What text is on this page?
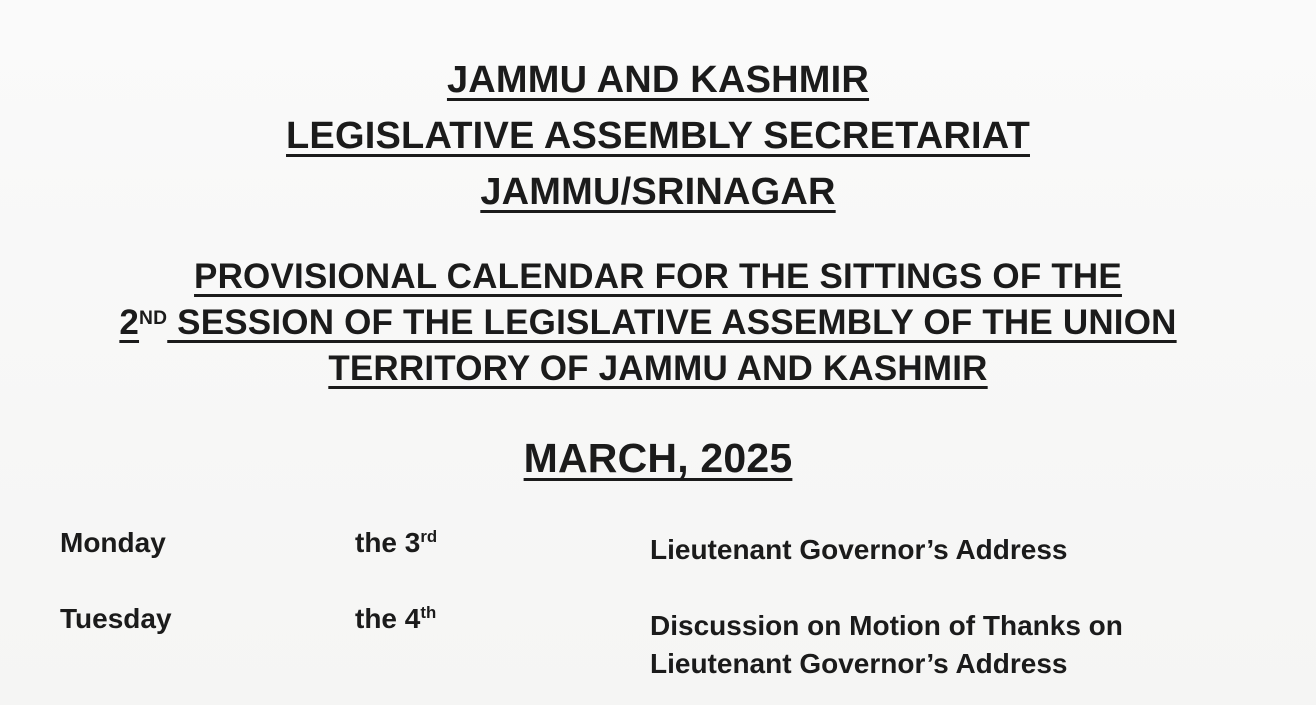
JAMMU AND KASHMIR
LEGISLATIVE ASSEMBLY SECRETARIAT
JAMMU/SRINAGAR
PROVISIONAL CALENDAR FOR THE SITTINGS OF THE
2ND SESSION OF THE LEGISLATIVE ASSEMBLY OF THE UNION
TERRITORY OF JAMMU AND KASHMIR
MARCH, 2025
Monday	the 3rd	Lieutenant Governor’s Address
Tuesday	the 4th	Discussion on Motion of Thanks on
Lieutenant Governor’s Address
